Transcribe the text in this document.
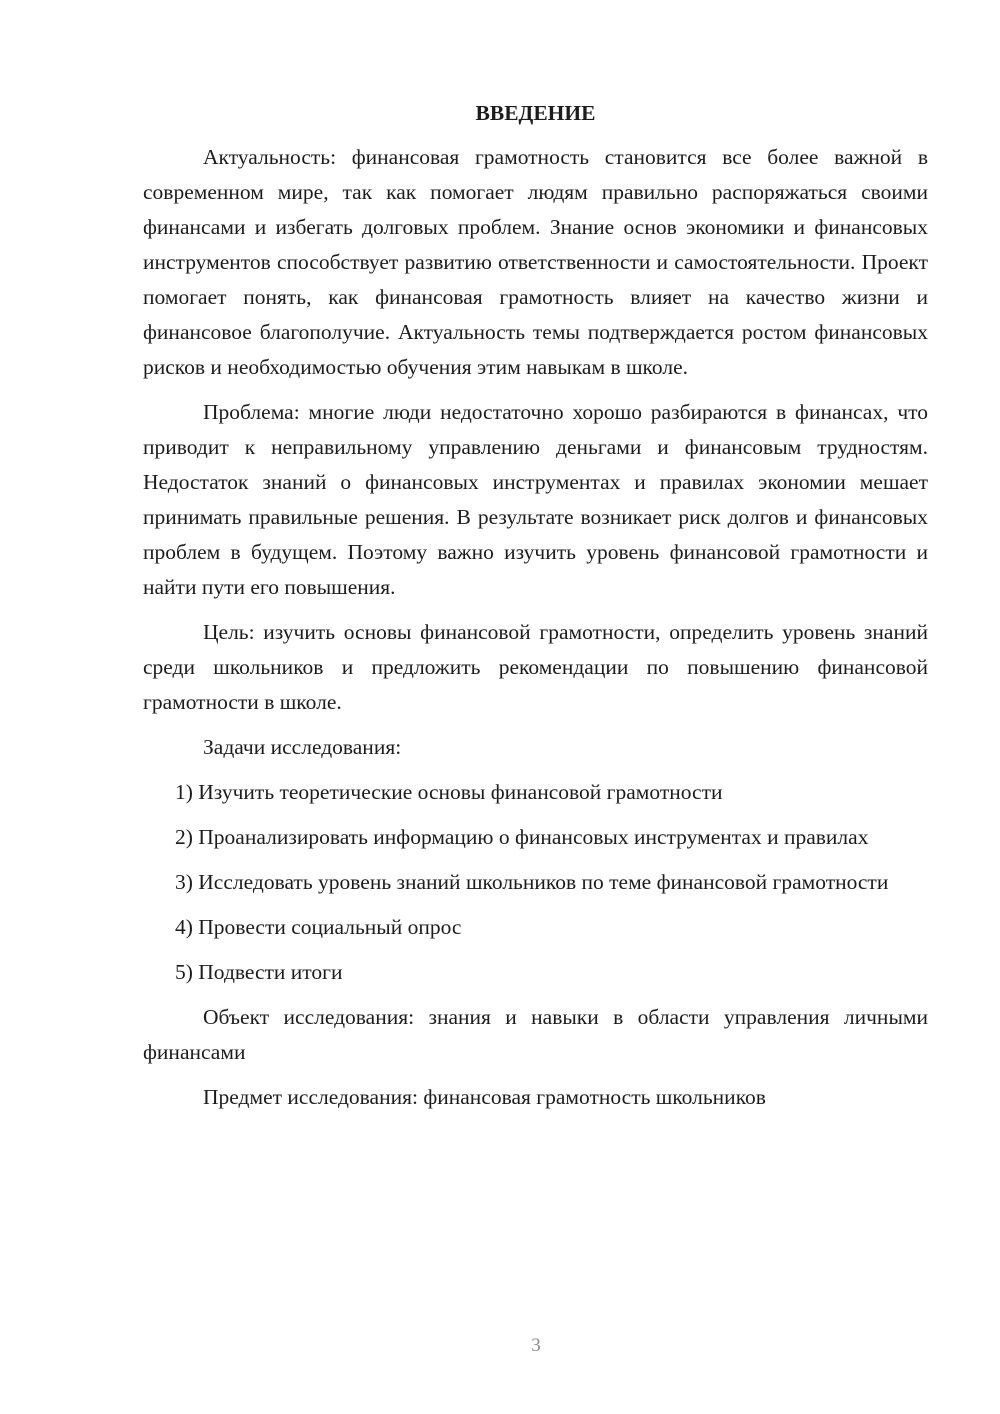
ВВЕДЕНИЕ

Актуальность: финансовая грамотность становится все более важной в современном мире, так как помогает людям правильно распоряжаться своими финансами и избегать долговых проблем. Знание основ экономики и финансовых инструментов способствует развитию ответственности и самостоятельности. Проект помогает понять, как финансовая грамотность влияет на качество жизни и финансовое благополучие. Актуальность темы подтверждается ростом финансовых рисков и необходимостью обучения этим навыкам в школе.

Проблема: многие люди недостаточно хорошо разбираются в финансах, что приводит к неправильному управлению деньгами и финансовым трудностям. Недостаток знаний о финансовых инструментах и правилах экономии мешает принимать правильные решения. В результате возникает риск долгов и финансовых проблем в будущем. Поэтому важно изучить уровень финансовой грамотности и найти пути его повышения.

Цель: изучить основы финансовой грамотности, определить уровень знаний среди школьников и предложить рекомендации по повышению финансовой грамотности в школе.

Задачи исследования:

1) Изучить теоретические основы финансовой грамотности

2) Проанализировать информацию о финансовых инструментах и правилах

3) Исследовать уровень знаний школьников по теме финансовой грамотности

4) Провести социальный опрос

5) Подвести итоги

Объект исследования: знания и навыки в области управления личными финансами

Предмет исследования: финансовая грамотность школьников

3
